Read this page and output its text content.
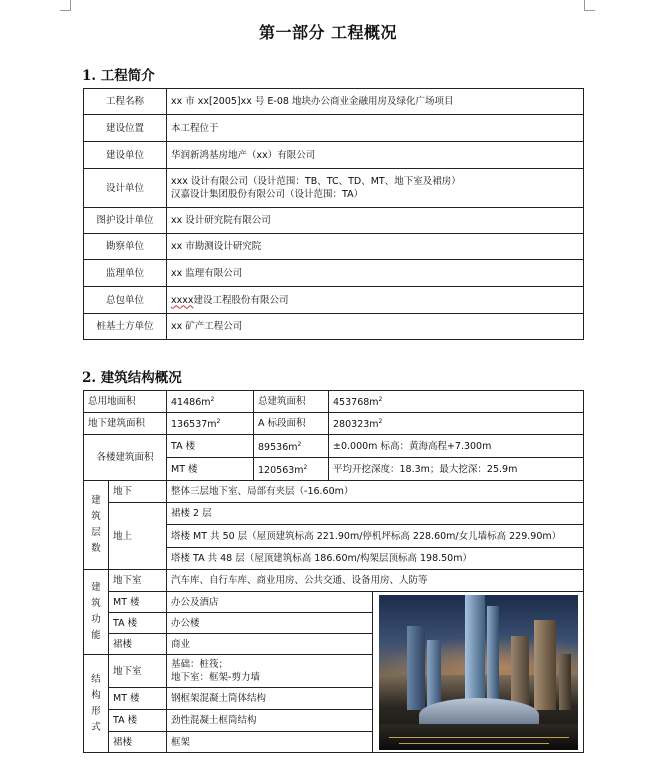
第一部分 工程概况
1. 工程简介
工程名称	xx 市 xx[2005]xx 号 E-08 地块办公商业金融用房及绿化广场项目
建设位置	本工程位于
建设单位	华润新鸿基房地产（xx）有限公司
设计单位	xxx 设计有限公司（设计范围：TB、TC、TD、MT、地下室及裙房）
汉嘉设计集团股份有限公司（设计范围：TA）

图护设计单位	xx 设计研究院有限公司
勘察单位	xx 市勘测设计研究院
监理单位	xx 监理有限公司
总包单位	xxxx建设工程股份有限公司
桩基土方单位	xx 矿产工程公司
2. 建筑结构概况
总用地面积		$41486m^2$	总建筑面积	$453768m^2$
地下建筑面积		$136537m^2$	A 标段面积	$280323m^2$
各楼建筑面积		TA 楼	$89536m^2$	±0.000m 标高：黄海高程+7.300m	
		MT 楼	$120563m^2$	平均开挖深度：18.3m；最大挖深：25.9m	
建筑层数	地下	整体三层地下室、局部有夹层（-16.60m）			
	地上	裙楼 2 层			
		塔楼 MT 共 50 层（屋顶建筑标高 221.90m/停机坪标高 228.60m/女儿墙标高 229.90m）			
		塔楼 TA 共 48 层（屋顶建筑标高 186.60m/构架层顶标高 198.50m）			
建筑功能	地下室	汽车库、自行车库、商业用房、公共交通、设备用房、人防等			
	MT 楼	办公及酒店			

	TA 楼	办公楼			
	裙楼	商业			
结构形式	地下室	基础：桩筏；
地下室：框架-剪力墙			

	MT 楼	钢框架混凝土筒体结构			
	TA 楼	劲性混凝土框筒结构			
	裙楼	框架			
